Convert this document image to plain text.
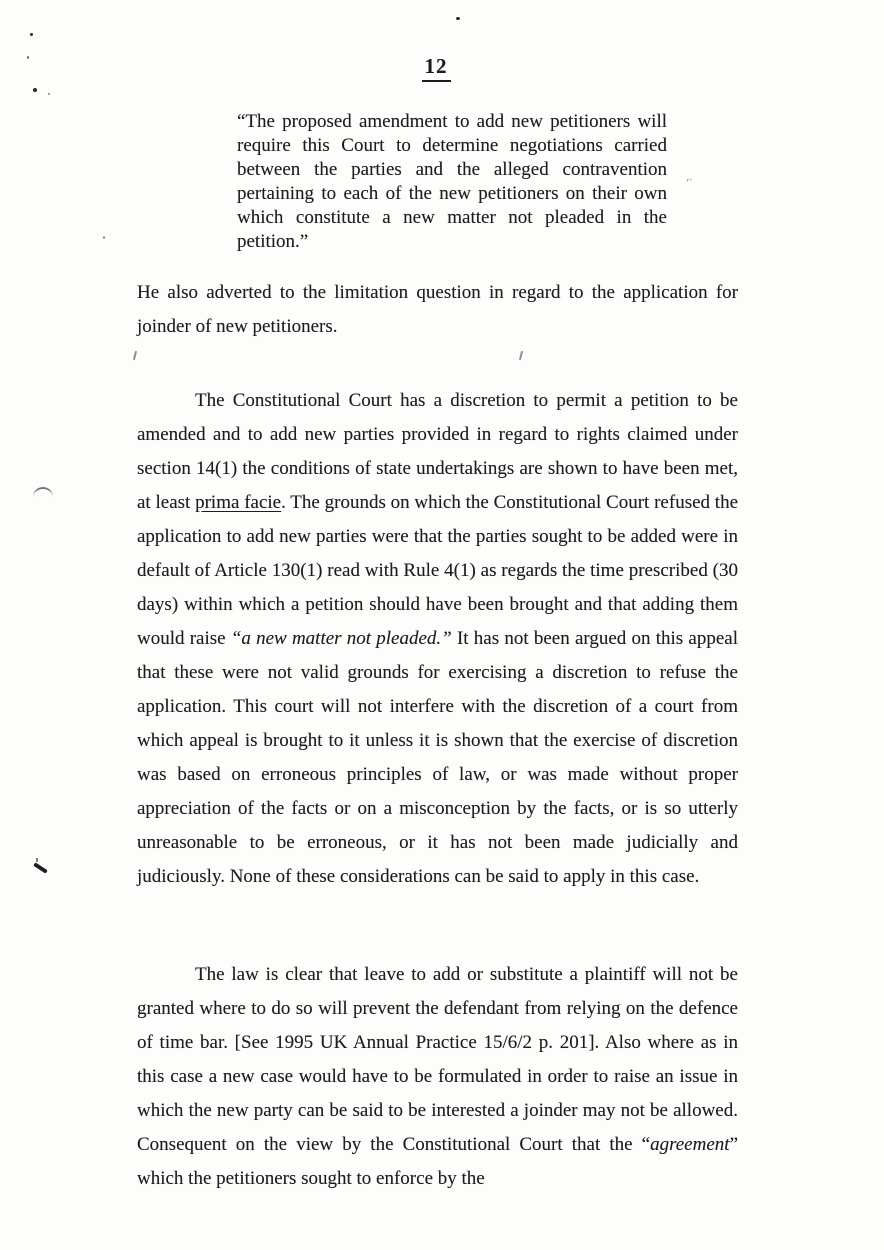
12
“The proposed amendment to add new petitioners will require this Court to determine negotiations carried between the parties and the alleged contravention pertaining to each of the new petitioners on their own which constitute a new matter not pleaded in the petition.”
He also adverted to the limitation question in regard to the application for joinder of new petitioners.
The Constitutional Court has a discretion to permit a petition to be amended and to add new parties provided in regard to rights claimed under section 14(1) the conditions of state undertakings are shown to have been met, at least prima facie. The grounds on which the Constitutional Court refused the application to add new parties were that the parties sought to be added were in default of Article 130(1) read with Rule 4(1) as regards the time prescribed (30 days) within which a petition should have been brought and that adding them would raise “a new matter not pleaded.” It has not been argued on this appeal that these were not valid grounds for exercising a discretion to refuse the application. This court will not interfere with the discretion of a court from which appeal is brought to it unless it is shown that the exercise of discretion was based on erroneous principles of law, or was made without proper appreciation of the facts or on a misconception by the facts, or is so utterly unreasonable to be erroneous, or it has not been made judicially and judiciously. None of these considerations can be said to apply in this case.
The law is clear that leave to add or substitute a plaintiff will not be granted where to do so will prevent the defendant from relying on the defence of time bar. [See 1995 UK Annual Practice 15/6/2 p. 201]. Also where as in this case a new case would have to be formulated in order to raise an issue in which the new party can be said to be interested a joinder may not be allowed. Consequent on the view by the Constitutional Court that the “agreement” which the petitioners sought to enforce by the
ʹʿ
